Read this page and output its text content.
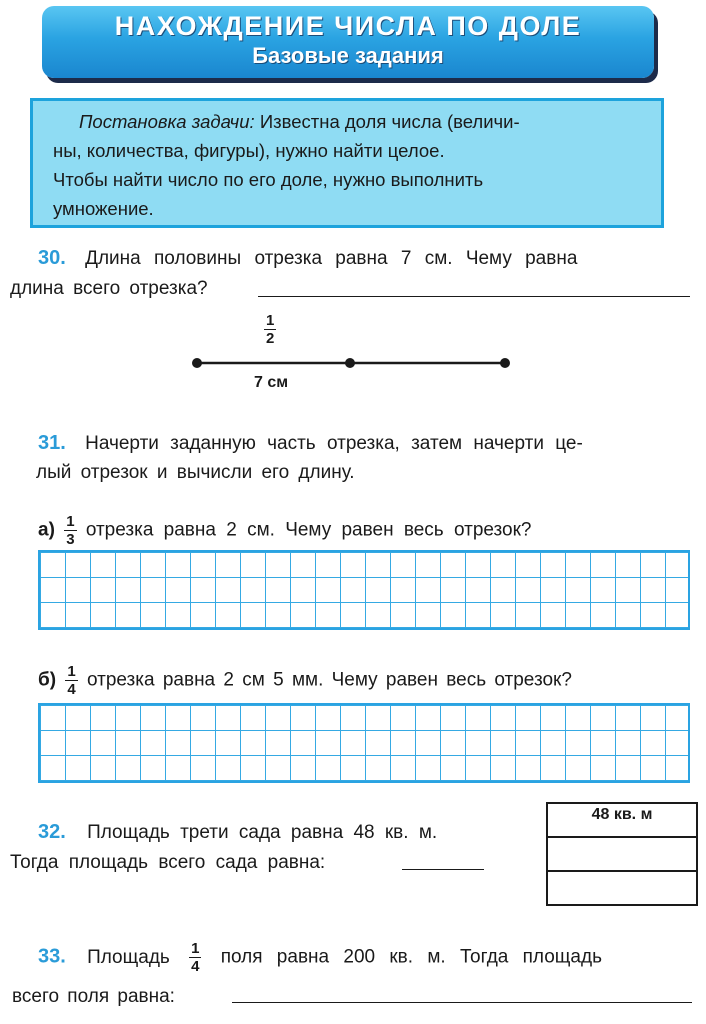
НАХОЖДЕНИЕ ЧИСЛА ПО ДОЛЕ
Базовые задания
Постановка задачи: Известна доля числа (величи-
ны, количества, фигуры), нужно найти целое.
Чтобы найти число по его доле, нужно выполнить
умножение.
30. Длина половины отрезка равна 7 см. Чему равна
длина всего отрезка?
$\frac{1}{2}$
7 см
31. Начерти заданную часть отрезка, затем начерти це-
лый отрезок и вычисли его длину.
$а) \frac{1}{3}$ отрезка равна 2 см. Чему равен весь отрезок?
$б) \frac{1}{4}$ отрезка равна 2 см 5 мм. Чему равен весь отрезок?
32. Площадь трети сада равна 48 кв. м.
Тогда площадь всего сада равна:
48 кв. м

33. Площадь $\frac{1}{4}$ поля равна 200 кв. м. Тогда площадь
всего поля равна:
